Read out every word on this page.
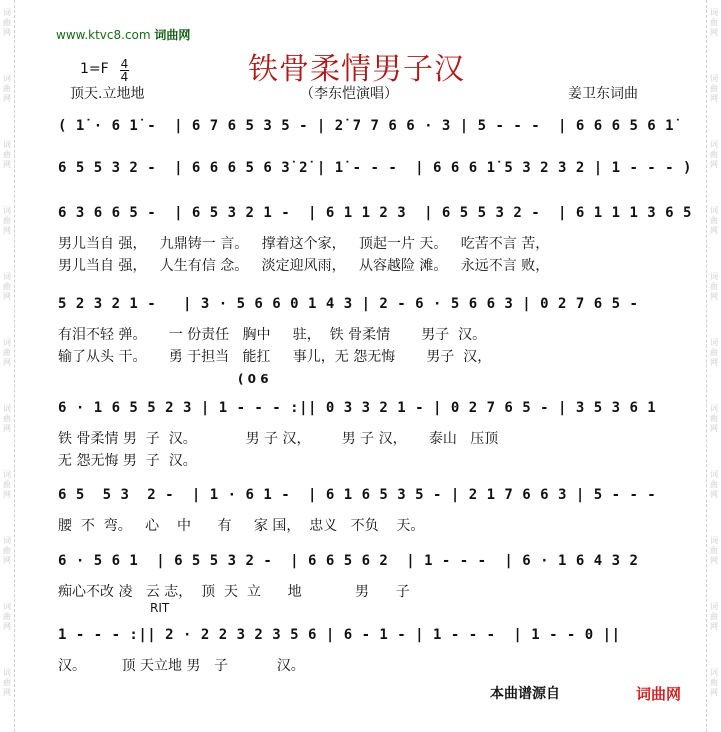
词
曲
网
词
曲
网
词
曲
网
词
曲
网
词
曲
网
词
曲
网
词
曲
网
词
曲
网
词
曲
网
词
曲
网
词
曲
网
词
曲
网
词
曲
网
词
曲
网
词
曲
网
词
曲
网
词
曲
网
词
曲
网
词
曲
网
词
曲
网
词
曲
网
词
曲
网
www.ktvc8.com 词曲网
铁骨柔情男子汉
1=F 4
4
顶天.立地地	（李东恺演唱）	姜卫东词曲
( 1̇ · 6 1̇ -  | 6 7 6 5 3 5 - | 2̇ 7 7 6 6 · 3 | 5 - - -  | 6 6 6 5 6 1̇
6 5 5 3 2 -  | 6 6 6 5 6 3̇ 2̇ | 1̇ - - -  | 6 6 6 1̇ 5 3 2 3 2 | 1 - - - )
6 3 6 6 5 -  | 6 5 3 2 1 -  | 6 1 1 2 3  | 6 5 5 3 2 -  | 6 1 1 1 3 6 5
男儿当自 强，   九鼎铸一 言。   撑着这个家，   顶起一片 天。   吃苦不言 苦，
男儿当自 强，   人生有信 念。   淡定迎风雨，   从容越险 滩。   永远不言 败，
5 2 3 2 1 -   | 3 · 5 6 6 0 1 4 3 | 2 - 6 · 5 6 6 3 | 0 2 7 6 5 -
有泪不轻 弹。     一 份责任   胸中     驻，  铁 骨柔情       男子  汉。
输了从头 干。     勇 于担当   能扛     事儿，无 怨无悔       男子  汉，
( 0 6
6 · 1 6 5 5 2 3 | 1 - - - :|| 0 3 3 2 1 - | 0 2 7 6 5 - | 3 5 3 6 1
铁 骨柔情 男  子  汉。           男 子 汉，       男 子 汉，     泰山   压顶
无 怨无悔 男  子  汉。
6 5  5 3  2 -  | 1 · 6 1 -  | 6 1 6 5 3 5 - | 2 1 7 6 6 3 | 5 - - -
腰  不  弯。   心    中      有     家 国，  忠义   不负    天。
6 · 5 6 1  | 6 5 5 3 2 -  | 6 6 5 6 2  | 1 - - -  | 6 · 1 6 4 3 2
痴心不改 凌   云 志，  顶  天  立      地            男      子
RIT
1 - - - :|| 2 · 2 2 3 2 3 5 6 | 6 - 1 - | 1 - - -  | 1 - - 0 ||
汉。        顶 天立地 男   子           汉。
本曲谱源自	词曲网
